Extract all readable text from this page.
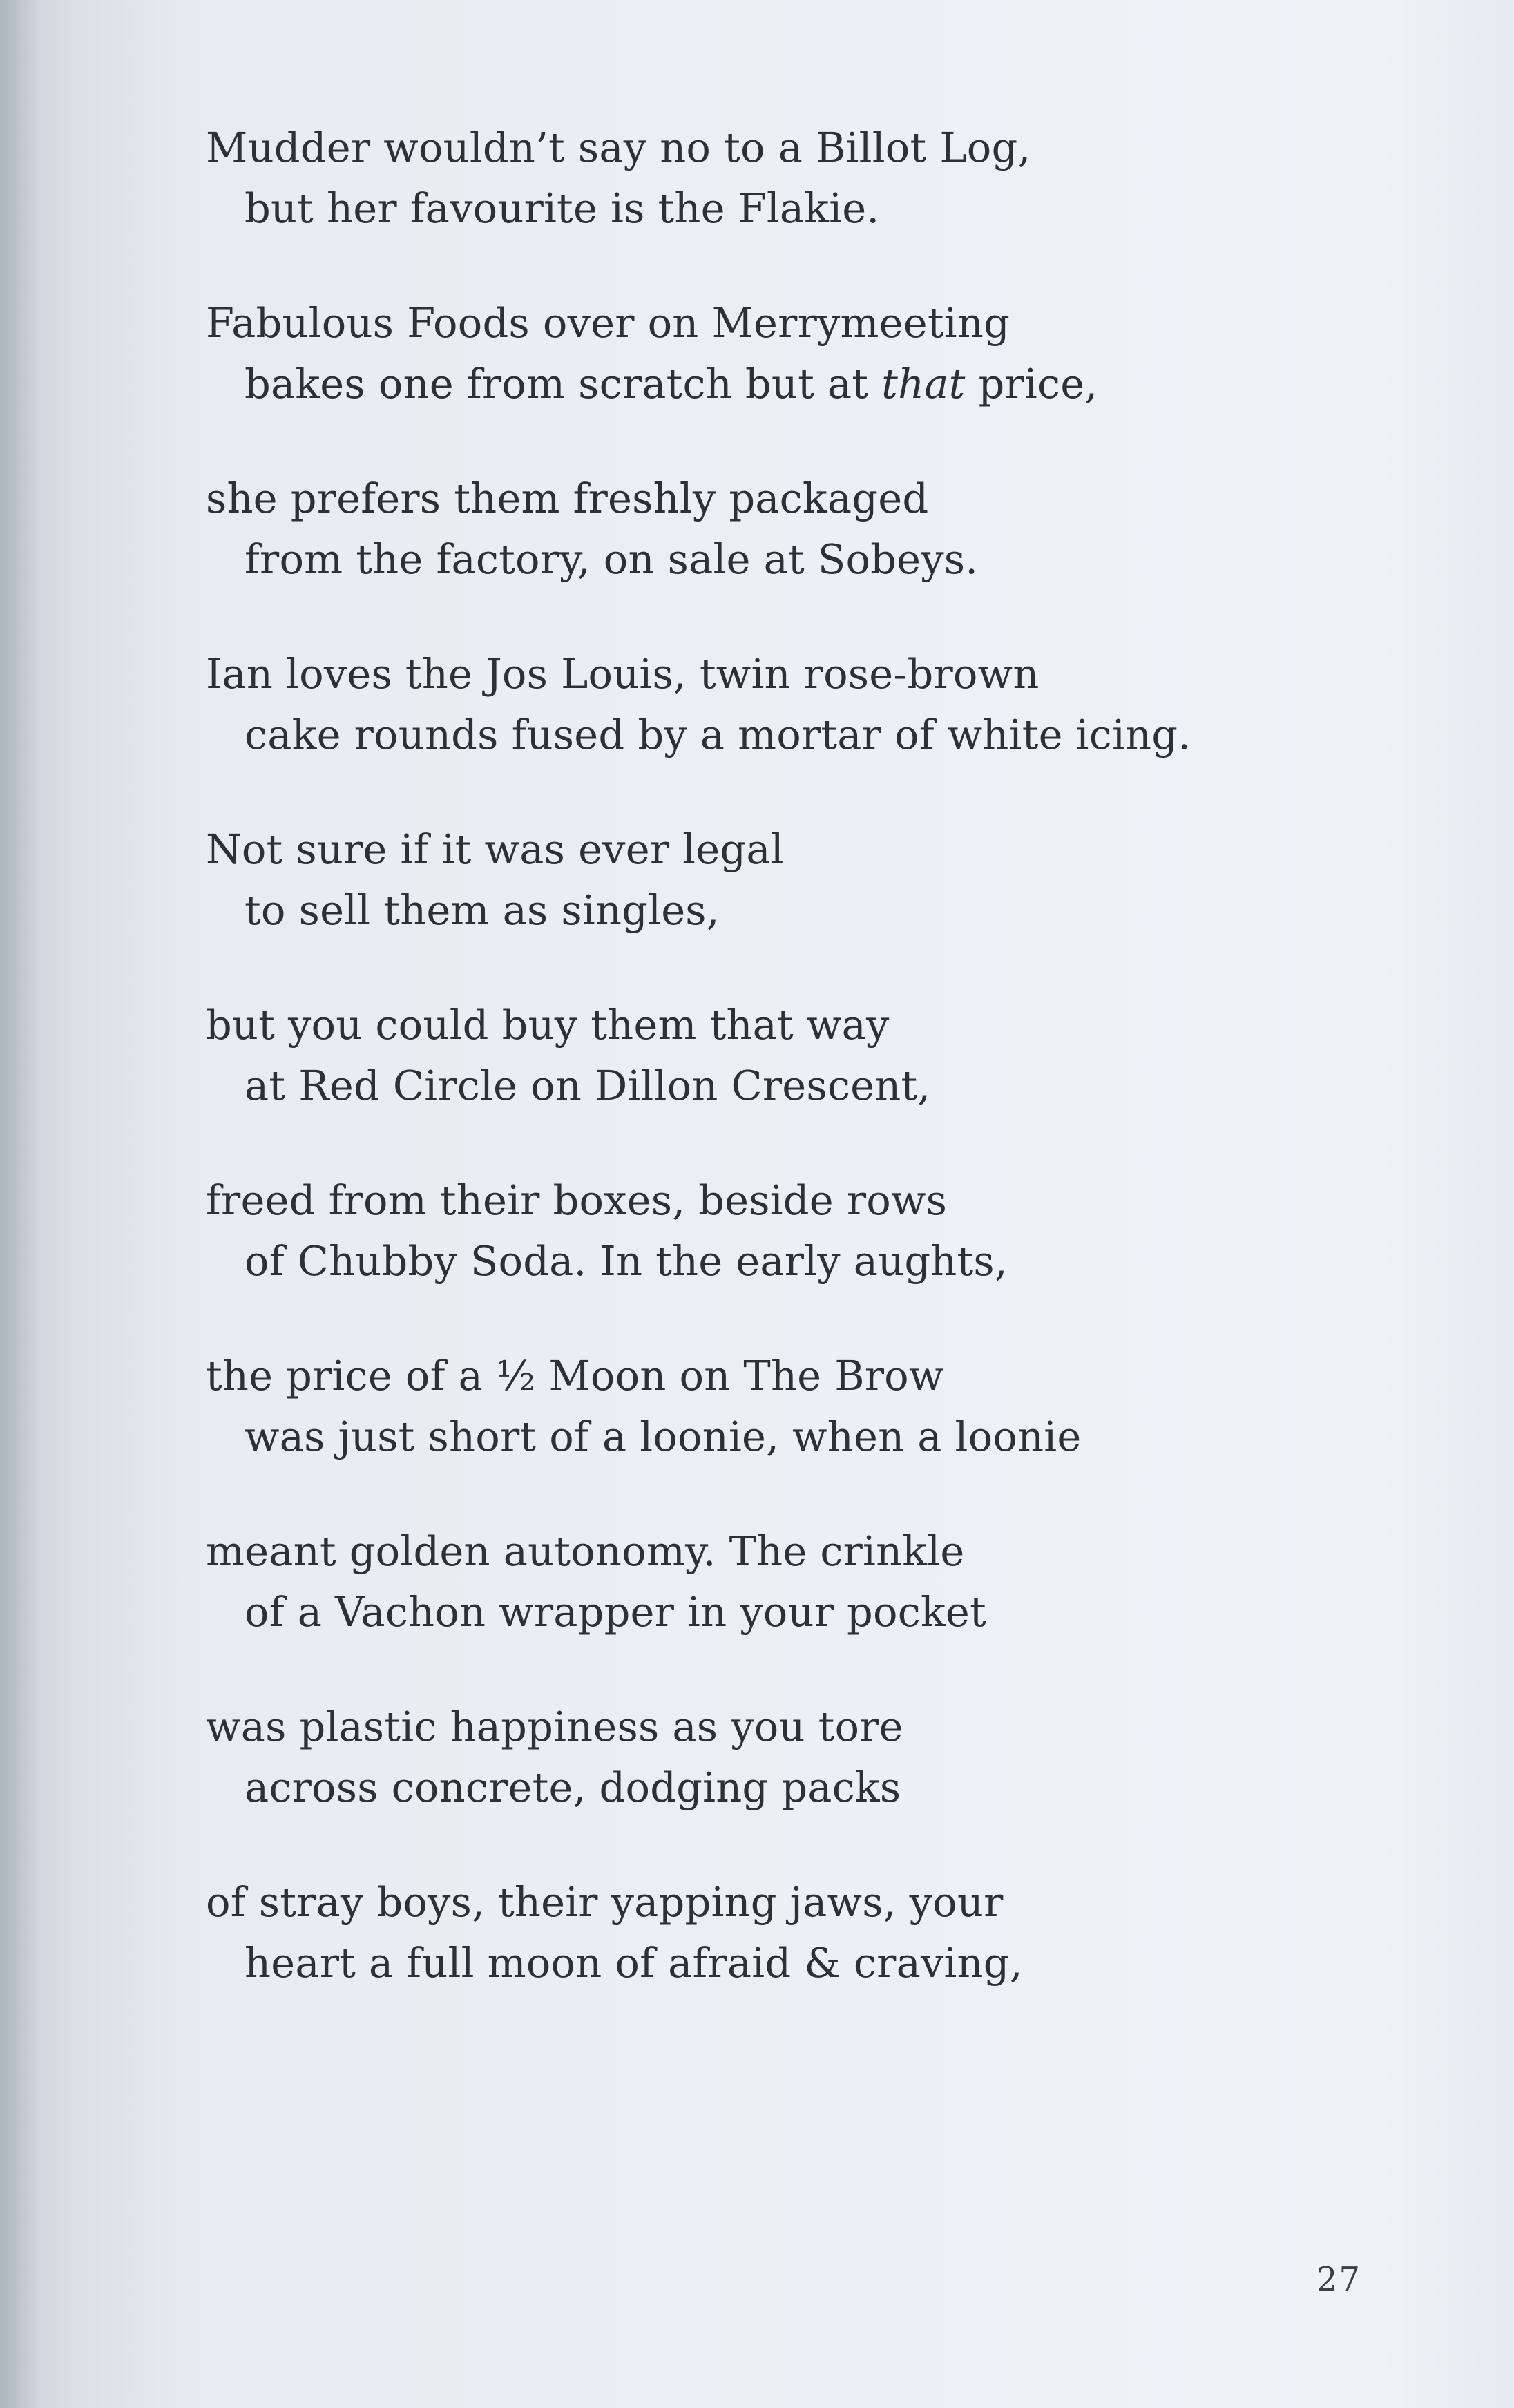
Mudder wouldn’t say no to a Billot Log,
but her favourite is the Flakie.
Fabulous Foods over on Merrymeeting
bakes one from scratch but at that price,
she prefers them freshly packaged
from the factory, on sale at Sobeys.
Ian loves the Jos Louis, twin rose-brown
cake rounds fused by a mortar of white icing.
Not sure if it was ever legal
to sell them as singles,
but you could buy them that way
at Red Circle on Dillon Crescent,
freed from their boxes, beside rows
of Chubby Soda. In the early aughts,
the price of a ½ Moon on The Brow
was just short of a loonie, when a loonie
meant golden autonomy. The crinkle
of a Vachon wrapper in your pocket
was plastic happiness as you tore
across concrete, dodging packs
of stray boys, their yapping jaws, your
heart a full moon of afraid & craving,
27
